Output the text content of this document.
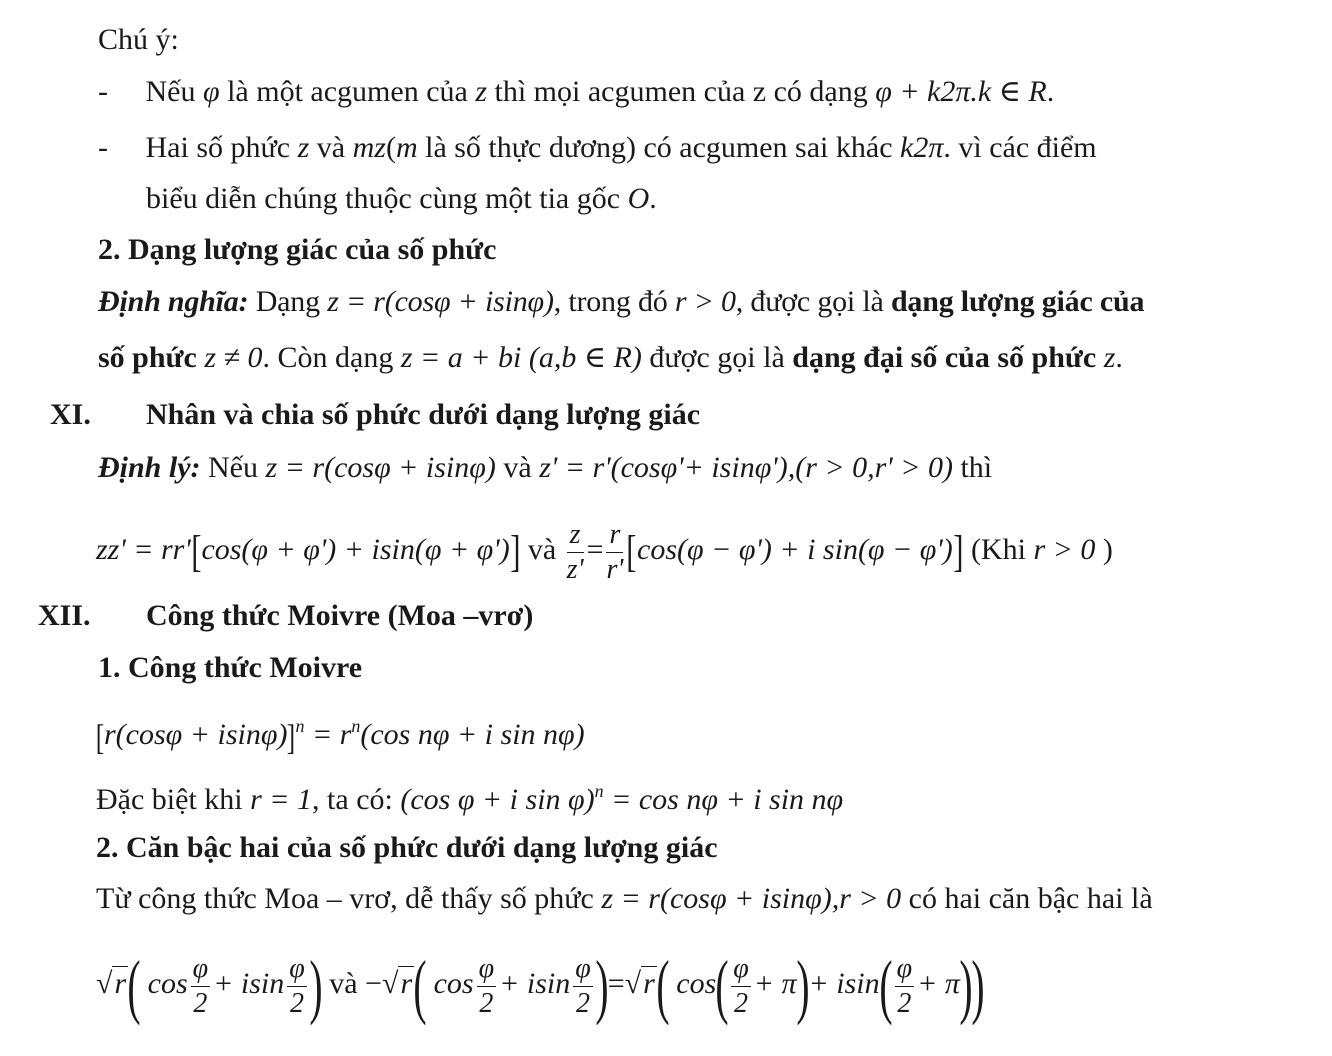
Chú ý:
- Nếu φ là một acgumen của z thì mọi acgumen của z có dạng φ + k2π.k ∈ R.
- Hai số phức z và mz(m là số thực dương) có acgumen sai khác k2π. vì các điểm
biểu diễn chúng thuộc cùng một tia gốc O.
2. Dạng lượng giác của số phức
Định nghĩa: Dạng z = r(cosφ + isinφ), trong đó r > 0, được gọi là dạng lượng giác của
số phức z ≠ 0. Còn dạng z = a + bi (a,b ∈ R) được gọi là dạng đại số của số phức z.
XI. Nhân và chia số phức dưới dạng lượng giác
Định lý: Nếu z = r(cosφ + isinφ) và z' = r'(cosφ'+ isinφ'),(r > 0,r' > 0) thì
zz' = rr'[cos(φ + φ') + isin(φ + φ')] và $\frac{z}{z'} = \frac{r}{r'} [\cos(\varphi - \varphi') + i$ sin(φ − φ')] (Khi r > 0 )
XII. Công thức Moivre (Moa –vrơ)
1. Công thức Moivre
$[r(\cos\varphi + isin\varphi)]^n = r^n(\cos$ nφ + i sin nφ)
Đặc biệt khi r = 1, ta có: (cos φ + i sin φ)$^n$ = cos nφ + i sin nφ
2. Căn bậc hai của số phức dưới dạng lượng giác
Từ công thức Moa – vrơ, dễ thấy số phức z = r(cosφ + isinφ),r > 0 có hai căn bậc hai là
√r( $\cos \frac{\varphi}{2} + isin \frac{\varphi}{2}$ ) và −√r( $\cos \frac{\varphi}{2} + isin \frac{\varphi}{2} )=√r$( $\cos( \frac{\varphi}{2} + \pi)+ isin( \frac{\varphi}{2} + \pi)$)
